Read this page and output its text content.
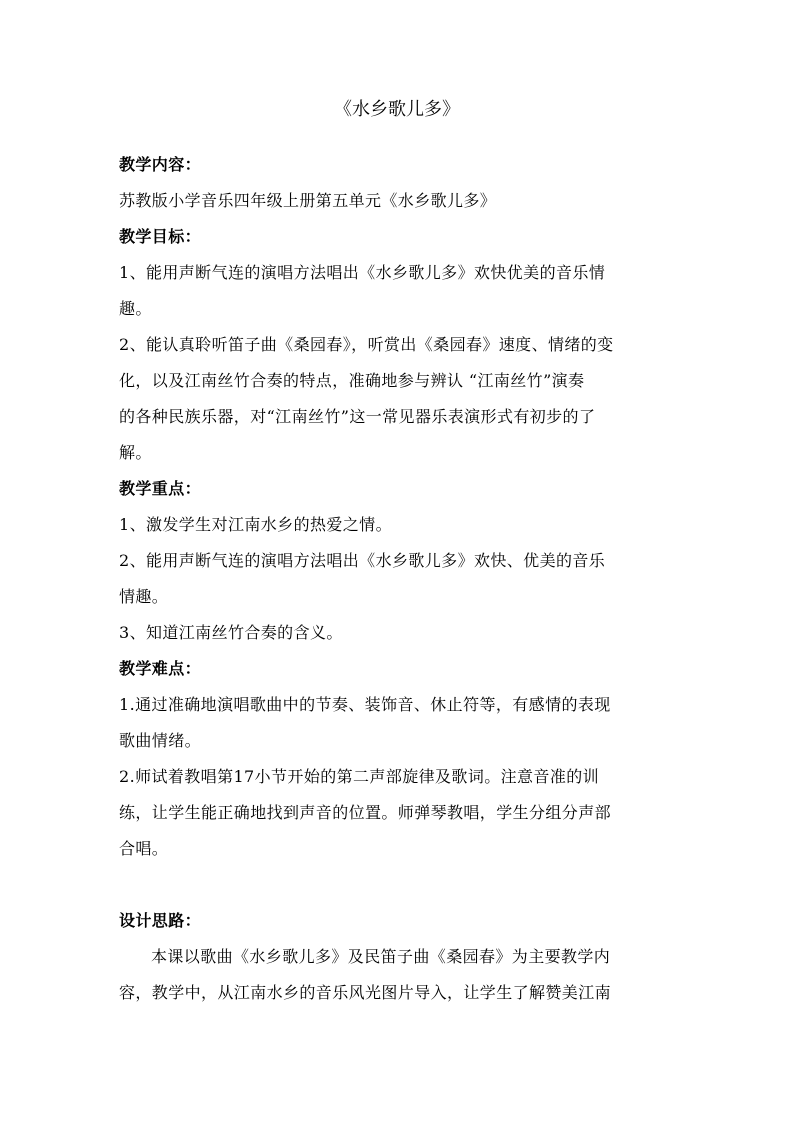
《水乡歌儿多》
教学内容：
苏教版小学音乐四年级上册第五单元《水乡歌儿多》
教学目标：
1、能用声断气连的演唱方法唱出《水乡歌儿多》欢快优美的音乐情
趣。
2、能认真聆听笛子曲《桑园春》，听赏出《桑园春》速度、情绪的变
化，以及江南丝竹合奏的特点，准确地参与辨认 “江南丝竹”演奏
的各种民族乐器，对“江南丝竹”这一常见器乐表演形式有初步的了
解。
教学重点：
1、激发学生对江南水乡的热爱之情。
2、能用声断气连的演唱方法唱出《水乡歌儿多》欢快、优美的音乐
情趣。
3、知道江南丝竹合奏的含义。
教学难点：
1.通过准确地演唱歌曲中的节奏、装饰音、休止符等，有感情的表现
歌曲情绪。
2.师试着教唱第17小节开始的第二声部旋律及歌词。注意音准的训
练，让学生能正确地找到声音的位置。师弹琴教唱，学生分组分声部
合唱。
设计思路：
本课以歌曲《水乡歌儿多》及民笛子曲《桑园春》为主要教学内
容，教学中，从江南水乡的音乐风光图片导入，让学生了解赞美江南
